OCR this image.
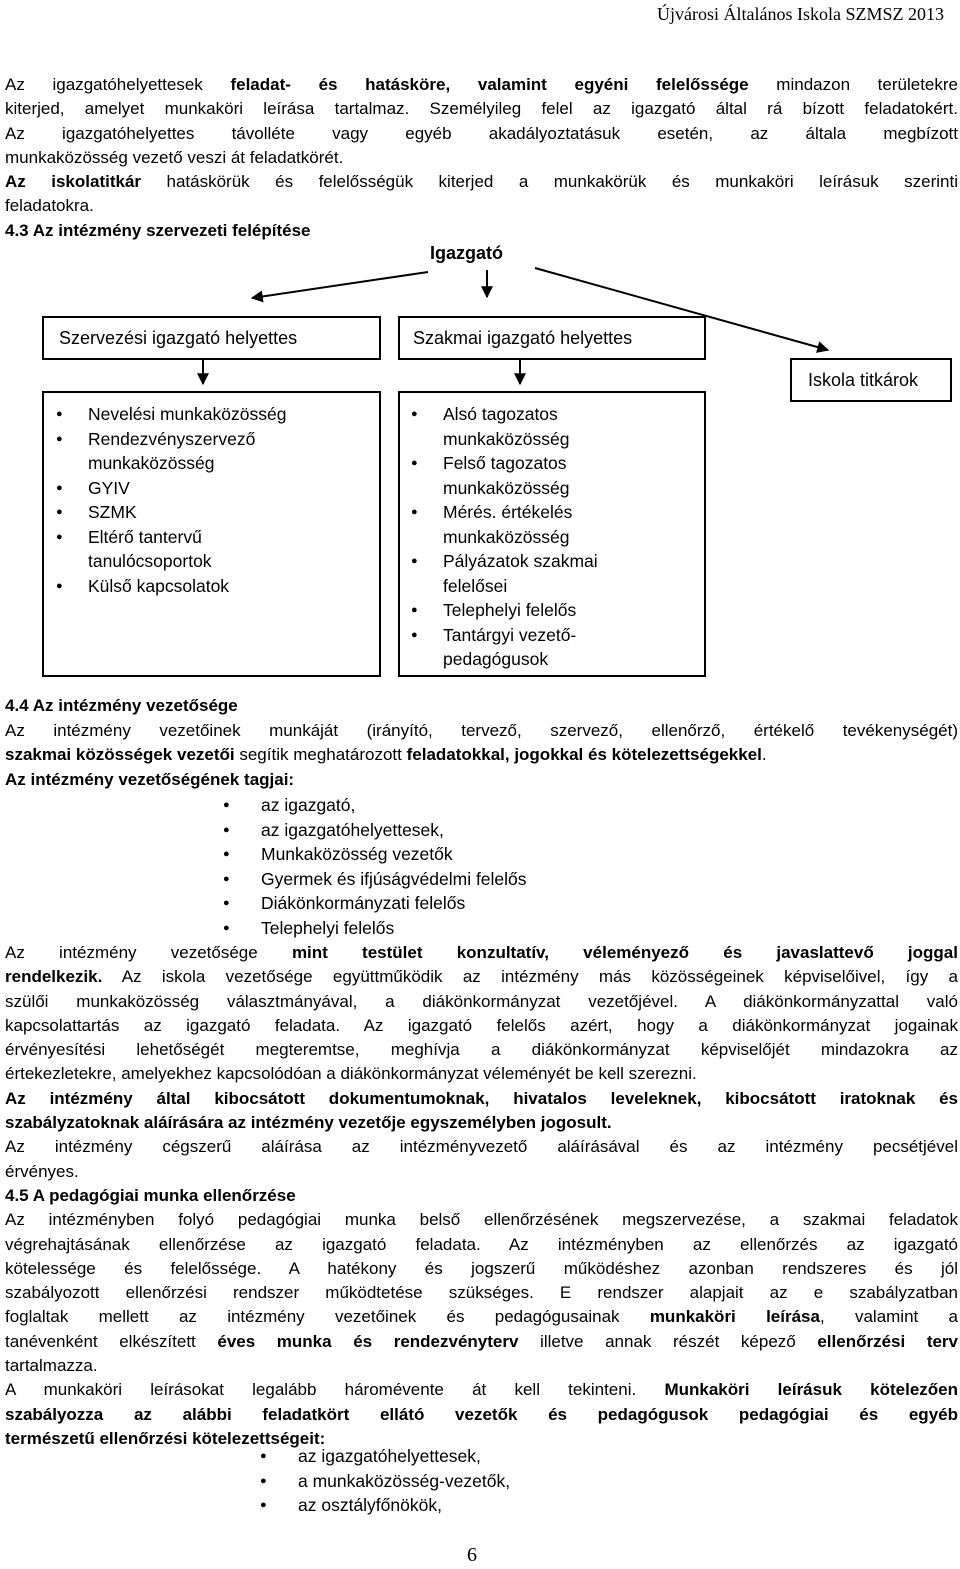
Újvárosi Általános Iskola SZMSZ 2013
Az igazgatóhelyettesek feladat- és hatásköre, valamint egyéni felelőssége mindazon területekre
kiterjed, amelyet munkaköri leírása tartalmaz. Személyileg felel az igazgató által rá bízott feladatokért.
Az igazgatóhelyettes távolléte vagy egyéb akadályoztatásuk esetén, az általa megbízott
munkaközösség vezető veszi át feladatkörét.
Az iskolatitkár hatáskörük és felelősségük kiterjed a munkakörük és munkaköri leírásuk szerinti
feladatokra.
4.3 Az intézmény szervezeti felépítése
Igazgató
Szervezési igazgató helyettes	Szakmai igazgató helyettes
Iskola titkárok
● Nevelési munkaközösség
● Rendezvényszervező munkaközösség
● GYIV
● SZMK
● Eltérő tantervű tanulócsoportok
● Külső kapcsolatok
● Alsó tagozatos munkaközösség
● Felső tagozatos munkaközösség
● Mérés. értékelés munkaközösség
● Pályázatok szakmai felelősei
● Telephelyi felelős
● Tantárgyi vezető-pedagógusok
4.4 Az intézmény vezetősége
Az intézmény vezetőinek munkáját (irányító, tervező, szervező, ellenőrző, értékelő tevékenységét)
szakmai közösségek vezetői segítik meghatározott feladatokkal, jogokkal és kötelezettségekkel.
Az intézmény vezetőségének tagjai:
● az igazgató,
● az igazgatóhelyettesek,
● Munkaközösség vezetők
● Gyermek és ifjúságvédelmi felelős
● Diákönkormányzati felelős
● Telephelyi felelős
Az intézmény vezetősége mint testület konzultatív, véleményező és javaslattevő joggal
rendelkezik. Az iskola vezetősége együttműködik az intézmény más közösségeinek képviselőivel, így a
szülői munkaközösség választmányával, a diákönkormányzat vezetőjével. A diákönkormányzattal való
kapcsolattartás az igazgató feladata. Az igazgató felelős azért, hogy a diákönkormányzat jogainak
érvényesítési lehetőségét megteremtse, meghívja a diákönkormányzat képviselőjét mindazokra az
értekezletekre, amelyekhez kapcsolódóan a diákönkormányzat véleményét be kell szerezni.
Az intézmény által kibocsátott dokumentumoknak, hivatalos leveleknek, kibocsátott iratoknak és
szabályzatoknak aláírására az intézmény vezetője egyszemélyben jogosult.
Az intézmény cégszerű aláírása az intézményvezető aláírásával és az intézmény pecsétjével
érvényes.
4.5 A pedagógiai munka ellenőrzése
Az intézményben folyó pedagógiai munka belső ellenőrzésének megszervezése, a szakmai feladatok
végrehajtásának ellenőrzése az igazgató feladata. Az intézményben az ellenőrzés az igazgató
kötelessége és felelőssége. A hatékony és jogszerű működéshez azonban rendszeres és jól
szabályozott ellenőrzési rendszer működtetése szükséges. E rendszer alapjait az e szabályzatban
foglaltak mellett az intézmény vezetőinek és pedagógusainak munkaköri leírása, valamint a
tanévenként elkészített éves munka és rendezvényterv illetve annak részét képező ellenőrzési terv
tartalmazza.
A munkaköri leírásokat legalább háromévente át kell tekinteni. Munkaköri leírásuk kötelezően
szabályozza az alábbi feladatkört ellátó vezetők és pedagógusok pedagógiai és egyéb
természetű ellenőrzési kötelezettségeit:
● az igazgatóhelyettesek,
● a munkaközösség-vezetők,
● az osztályfőnökök,
6
